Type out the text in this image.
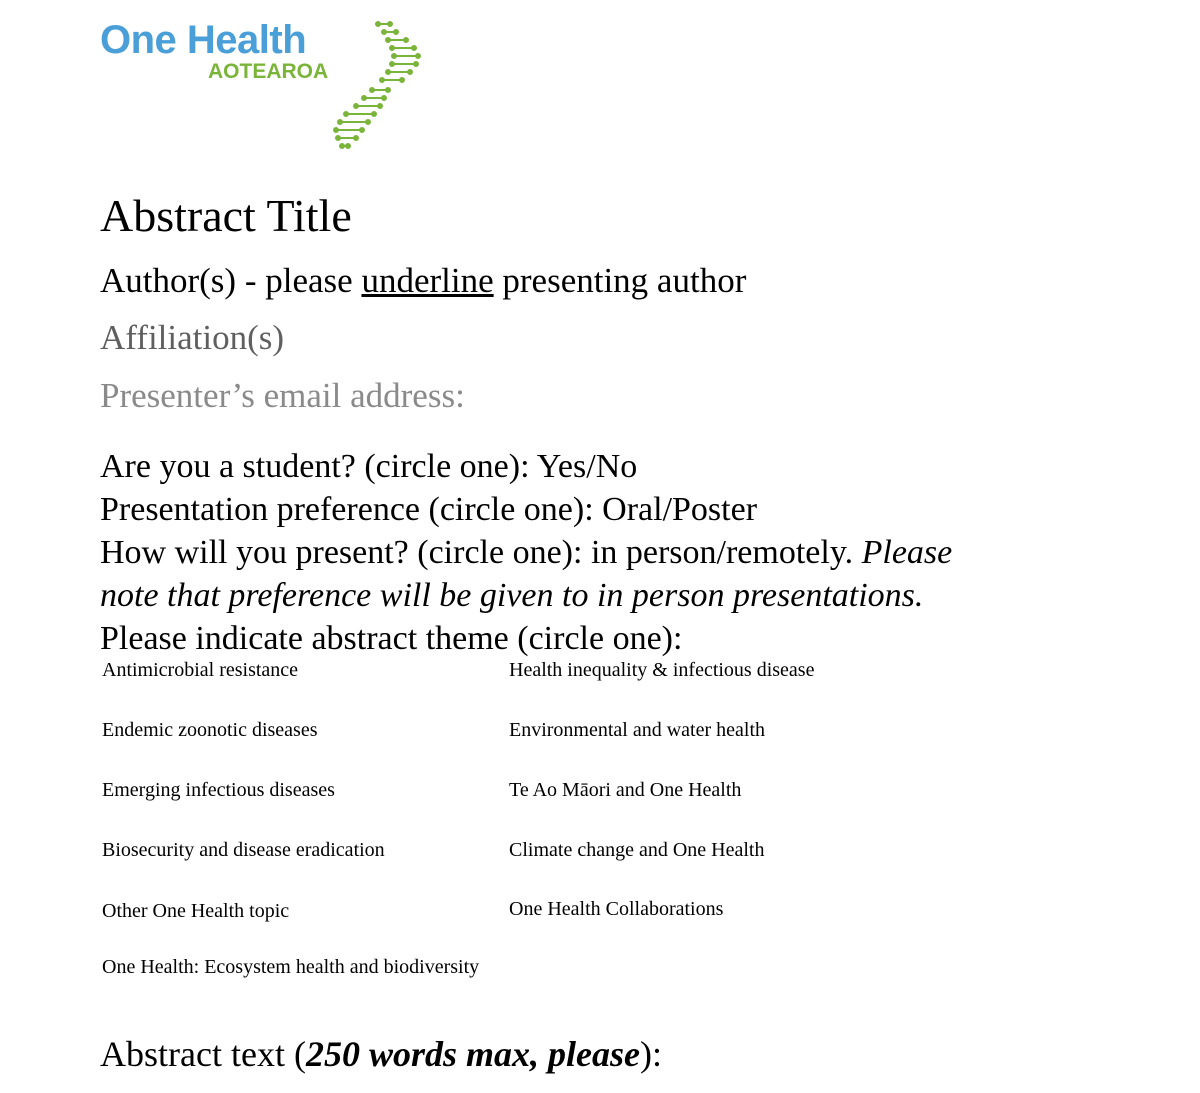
One Health
AOTEAROA
Abstract Title
Author(s) - please underline presenting author
Affiliation(s)
Presenter’s email address:
Are you a student? (circle one): Yes/No
Presentation preference (circle one): Oral/Poster
How will you present? (circle one): in person/remotely. Please
note that preference will be given to in person presentations.
Please indicate abstract theme (circle one):
Antimicrobial resistance	Health inequality & infectious disease
Endemic zoonotic diseases	Environmental and water health
Emerging infectious diseases	Te Ao Māori and One Health
Biosecurity and disease eradication	Climate change and One Health
Other One Health topic	One Health Collaborations
One Health: Ecosystem health and biodiversity
Abstract text (250 words max, please):
